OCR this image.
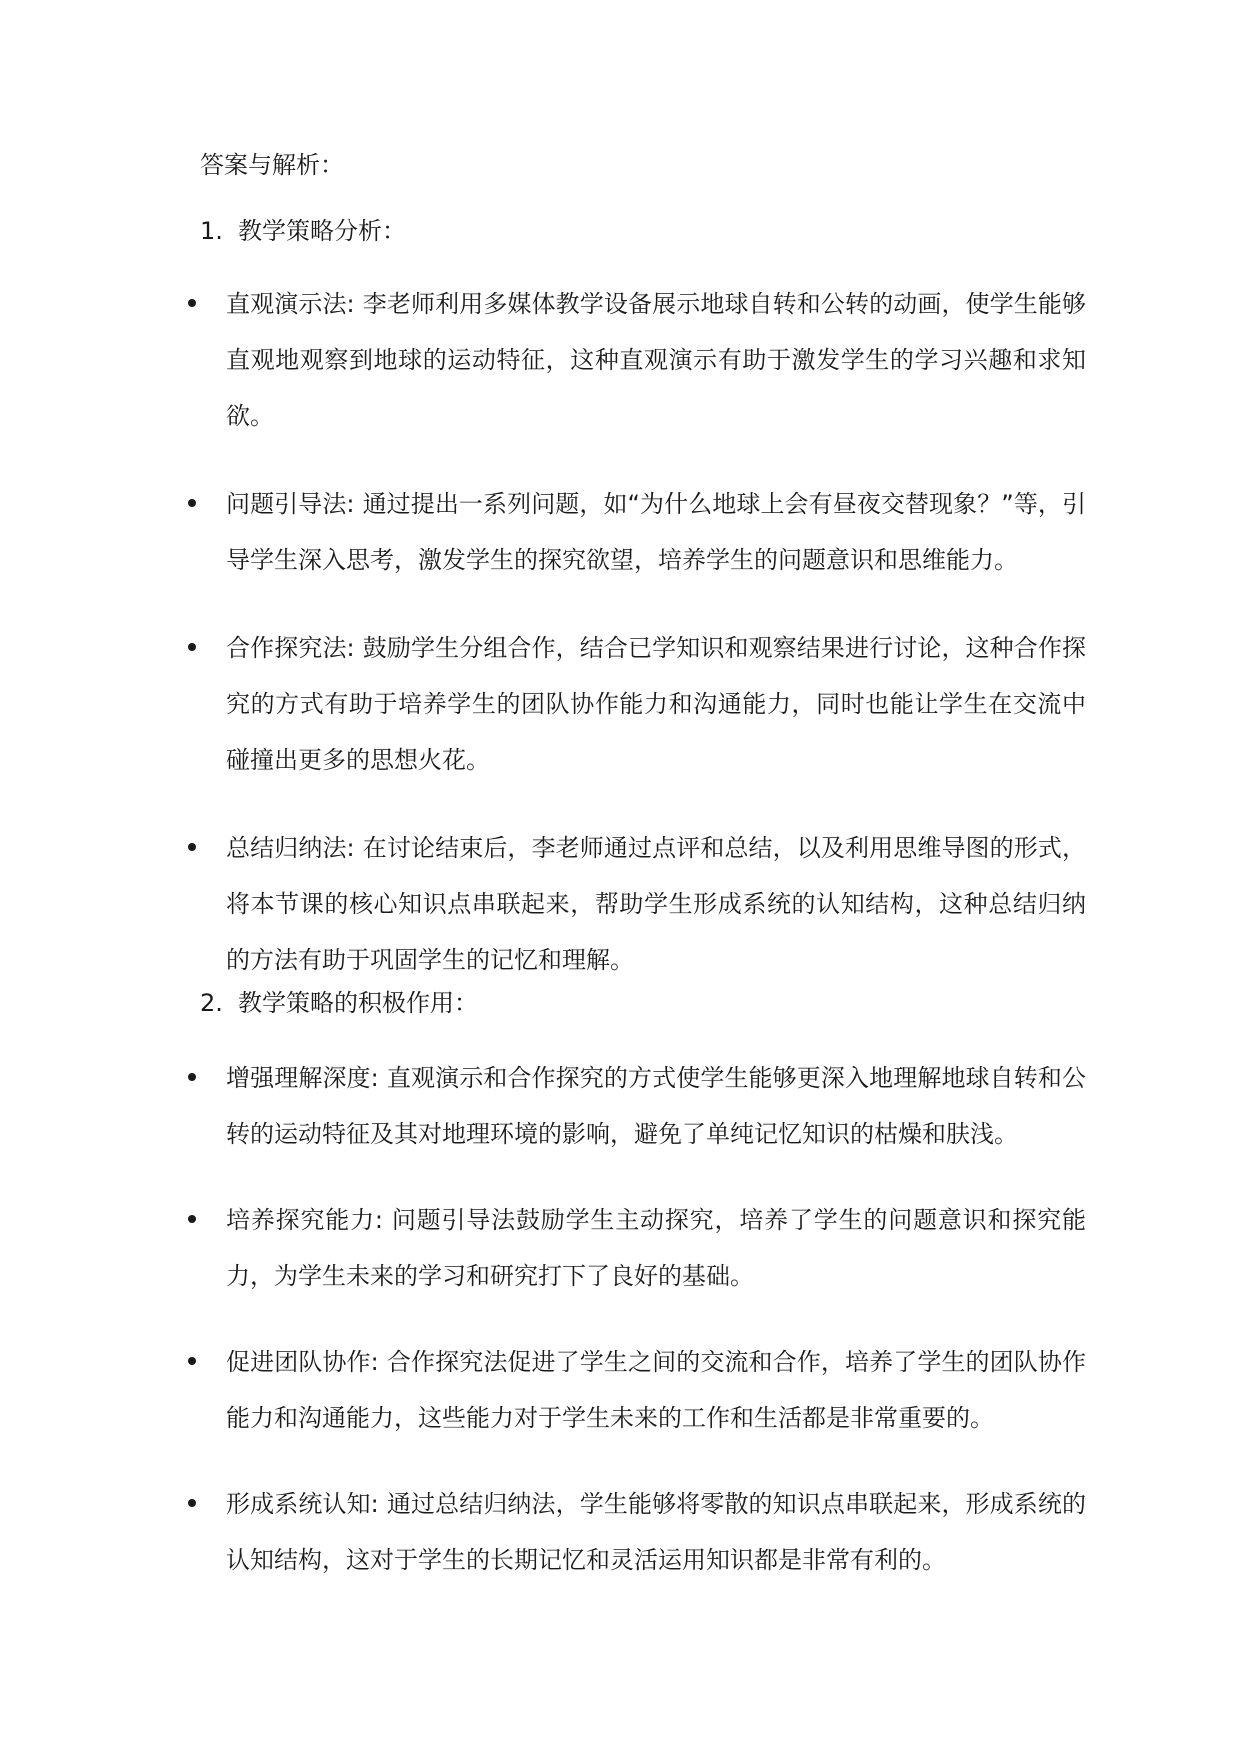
答案与解析：

1. 教学策略分析：

直观演示法: 李老师利用多媒体教学设备展示地球自转和公转的动画，使学生能够直观地观察到地球的运动特征，这种直观演示有助于激发学生的学习兴趣和求知欲。
问题引导法: 通过提出一系列问题，如“为什么地球上会有昼夜交替现象？”等，引导学生深入思考，激发学生的探究欲望，培养学生的问题意识和思维能力。
合作探究法: 鼓励学生分组合作，结合已学知识和观察结果进行讨论，这种合作探究的方式有助于培养学生的团队协作能力和沟通能力，同时也能让学生在交流中碰撞出更多的思想火花。
总结归纳法: 在讨论结束后，李老师通过点评和总结，以及利用思维导图的形式，将本节课的核心知识点串联起来，帮助学生形成系统的认知结构，这种总结归纳的方法有助于巩固学生的记忆和理解。

2. 教学策略的积极作用：

增强理解深度: 直观演示和合作探究的方式使学生能够更深入地理解地球自转和公转的运动特征及其对地理环境的影响，避免了单纯记忆知识的枯燥和肤浅。
培养探究能力: 问题引导法鼓励学生主动探究，培养了学生的问题意识和探究能力，为学生未来的学习和研究打下了良好的基础。
促进团队协作: 合作探究法促进了学生之间的交流和合作，培养了学生的团队协作能力和沟通能力，这些能力对于学生未来的工作和生活都是非常重要的。
形成系统认知: 通过总结归纳法，学生能够将零散的知识点串联起来，形成系统的认知结构，这对于学生的长期记忆和灵活运用知识都是非常有利的。
